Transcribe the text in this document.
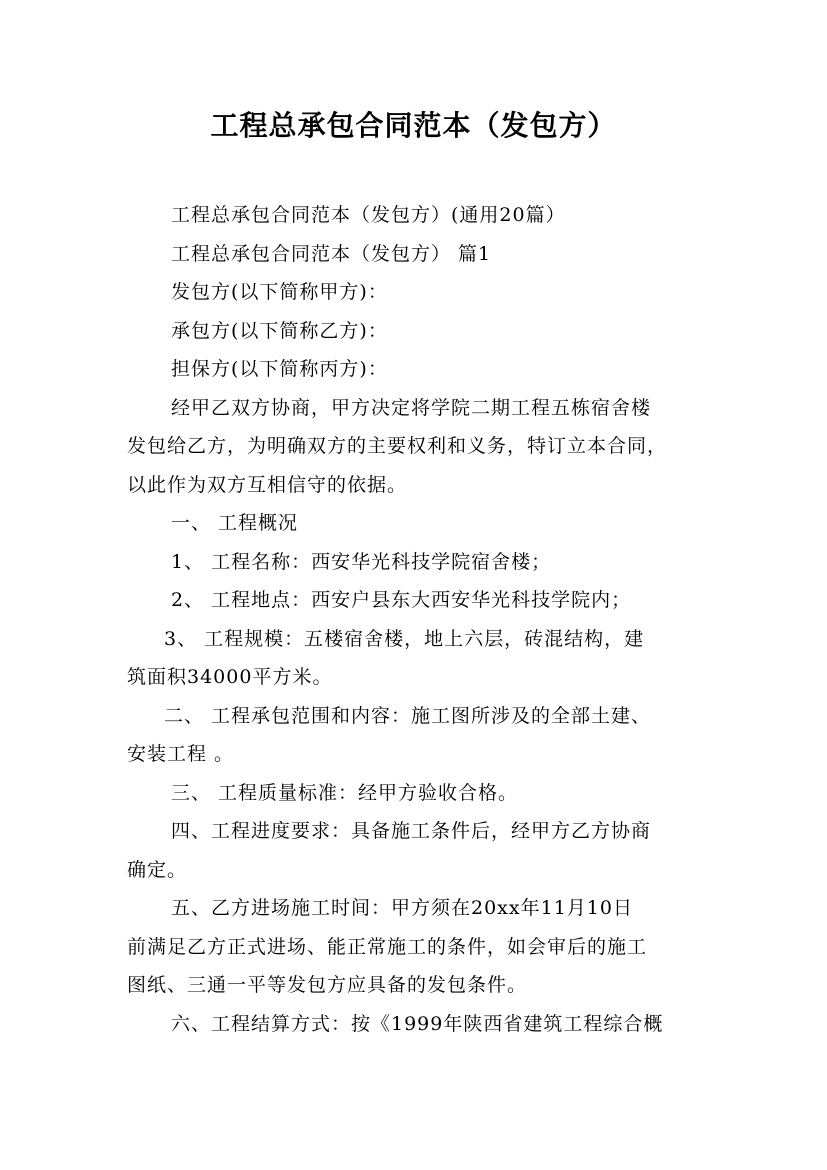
工程总承包合同范本（发包方）
工程总承包合同范本（发包方）(通用20篇）
工程总承包合同范本（发包方） 篇1
发包方(以下简称甲方)：
承包方(以下简称乙方)：
担保方(以下简称丙方)：
经甲乙双方协商，甲方决定将学院二期工程五栋宿舍楼
发包给乙方，为明确双方的主要权利和义务，特订立本合同，
以此作为双方互相信守的依据。
一、 工程概况
1、 工程名称：西安华光科技学院宿舍楼；
2、 工程地点：西安户县东大西安华光科技学院内；
3、 工程规模：五楼宿舍楼，地上六层，砖混结构，建
筑面积34000平方米。
二、 工程承包范围和内容：施工图所涉及的全部土建、
安装工程 。
三、 工程质量标准：经甲方验收合格。
四、工程进度要求：具备施工条件后，经甲方乙方协商
确定。
五、乙方进场施工时间：甲方须在20xx年11月10日
前满足乙方正式进场、能正常施工的条件，如会审后的施工
图纸、三通一平等发包方应具备的发包条件。
六、工程结算方式：按《1999年陕西省建筑工程综合概
